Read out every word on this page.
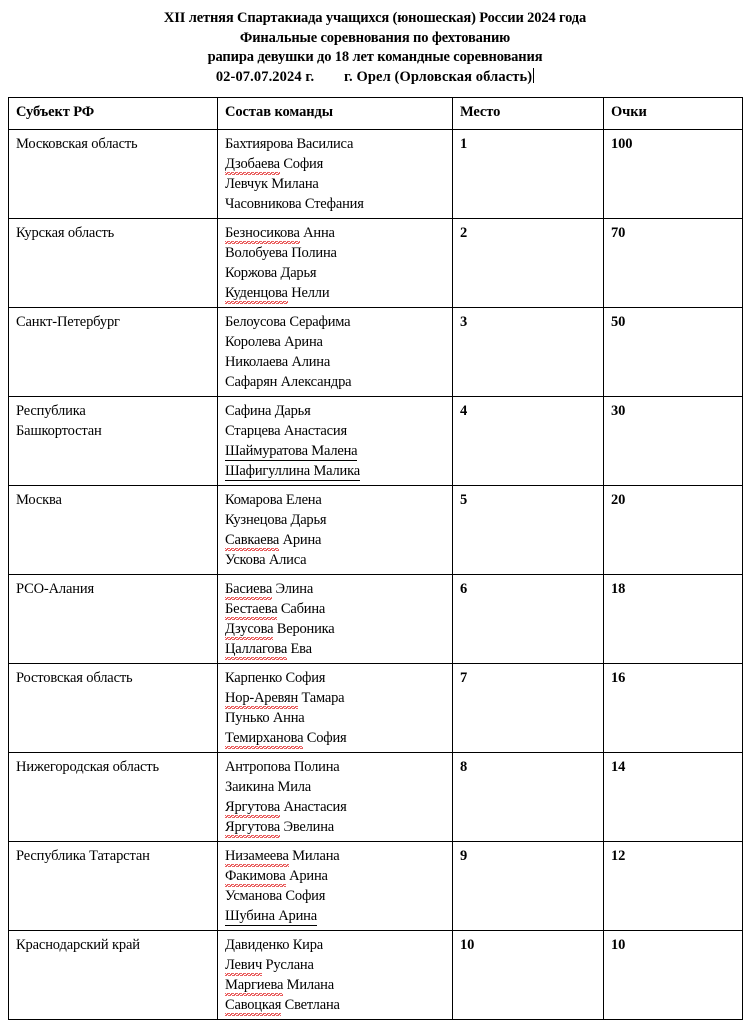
XII летняя Спартакиада учащихся (юношеская) России 2024 года
Финальные соревнования по фехтованию
рапира девушки до 18 лет командные соревнования
02-07.07.2024 г.        г. Орел (Орловская область)
Субъект РФ	Состав команды	Место	Очки

Московская область	Бахтиярова Василиса
Дзобаева София
Левчук Милана
Часовникова Стефания	1	100

Курская область	Безносикова Анна
Волобуева Полина
Коржова Дарья
Куденцова Нелли	2	70

Санкт-Петербург	Белоусова Серафима
Королева Арина
Николаева Алина
Сафарян Александра	3	50

Республика
Башкортостан	Сафина Дарья
Старцева Анастасия
Шаймуратова Малена
Шафигуллина Малика	4	30

Москва	Комарова Елена
Кузнецова Дарья
Савкаева Арина
Ускова Алиса	5	20

РСО-Алания	Басиева Элина
Бестаева Сабина
Дзусова Вероника
Цаллагова Ева	6	18

Ростовская область	Карпенко София
Нор-Аревян Тамара
Пунько Анна
Темирханова София	7	16

Нижегородская область	Антропова Полина
Заикина Мила
Яргутова Анастасия
Яргутова Эвелина	8	14

Республика Татарстан	Низамеева Милана
Факимова Арина
Усманова София
Шубина Арина	9	12

Краснодарский край	Давиденко Кира
Левич Руслана
Маргиева Милана
Савоцкая Светлана	10	10
